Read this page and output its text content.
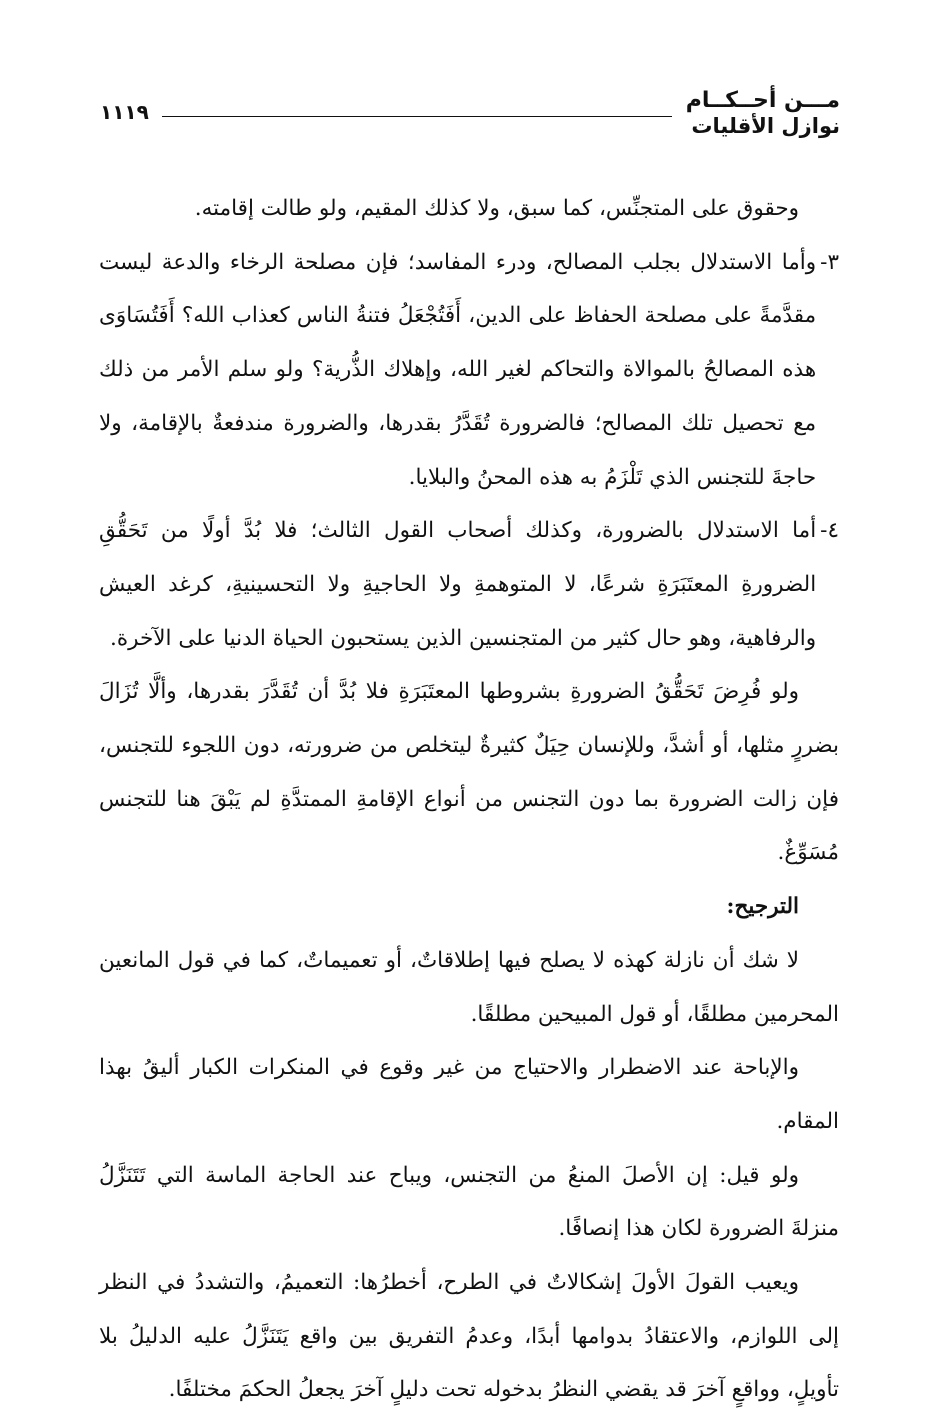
مـــن أحــكــام
نوازل الأقليات
١١١٩

وحقوق على المتجنِّس، كما سبق، ولا كذلك المقيم، ولو طالت إقامته.

٣-
وأما الاستدلال بجلب المصالح، ودرء المفاسد؛ فإن مصلحة الرخاء والدعة ليست مقدَّمةً على مصلحة الحفاظ على الدين، أَفَتُجْعَلُ فتنةُ الناس كعذاب الله؟ أَفَتُسَاوَى هذه المصالحُ بالموالاة والتحاكم لغير الله، وإهلاك الذُّرية؟ ولو سلم الأمر من ذلك مع تحصيل تلك المصالح؛ فالضرورة تُقَدَّرُ بقدرها، والضرورة مندفعةٌ بالإقامة، ولا حاجةَ للتجنس الذي تَلْزَمُ به هذه المحنُ والبلايا.
٤-
أما الاستدلال بالضرورة، وكذلك أصحاب القول الثالث؛ فلا بُدَّ أولًا من تَحَقُّقِ الضرورةِ المعتَبَرَةِ شرعًا، لا المتوهمةِ ولا الحاجيةِ ولا التحسينيةِ، كرغد العيش والرفاهية، وهو حال كثير من المتجنسين الذين يستحبون الحياة الدنيا على الآخرة.

ولو فُرِضَ تَحَقُّقُ الضرورةِ بشروطها المعتَبَرَةِ فلا بُدَّ أن تُقَدَّرَ بقدرها، وألَّا تُزَالَ بضررٍ مثلها، أو أشدَّ، وللإنسان حِيَلٌ كثيرةٌ ليتخلص من ضرورته، دون اللجوء للتجنس، فإن زالت الضرورة بما دون التجنس من أنواع الإقامةِ الممتدَّةِ لم يَبْقَ هنا للتجنس مُسَوِّغٌ.

الترجيح:

لا شك أن نازلة كهذه لا يصلح فيها إطلاقاتٌ، أو تعميماتٌ، كما في قول المانعين المحرمين مطلقًا، أو قول المبيحين مطلقًا.

والإباحة عند الاضطرار والاحتياج من غير وقوع في المنكرات الكبار أليقُ بهذا المقام.

ولو قيل: إن الأصلَ المنعُ من التجنس، ويباح عند الحاجة الماسة التي تَتَنَزَّلُ منزلةَ الضرورة لكان هذا إنصافًا.

ويعيب القولَ الأولَ إشكالاتٌ في الطرح، أخطرُها: التعميمُ، والتشددُ في النظر إلى اللوازم، والاعتقادُ بدوامها أبدًا، وعدمُ التفريق بين واقع يَتَنَزَّلُ عليه الدليلُ بلا تأويلٍ، وواقعٍ آخرَ قد يقضي النظرُ بدخوله تحت دليلٍ آخرَ يجعلُ الحكمَ مختلفًا.
